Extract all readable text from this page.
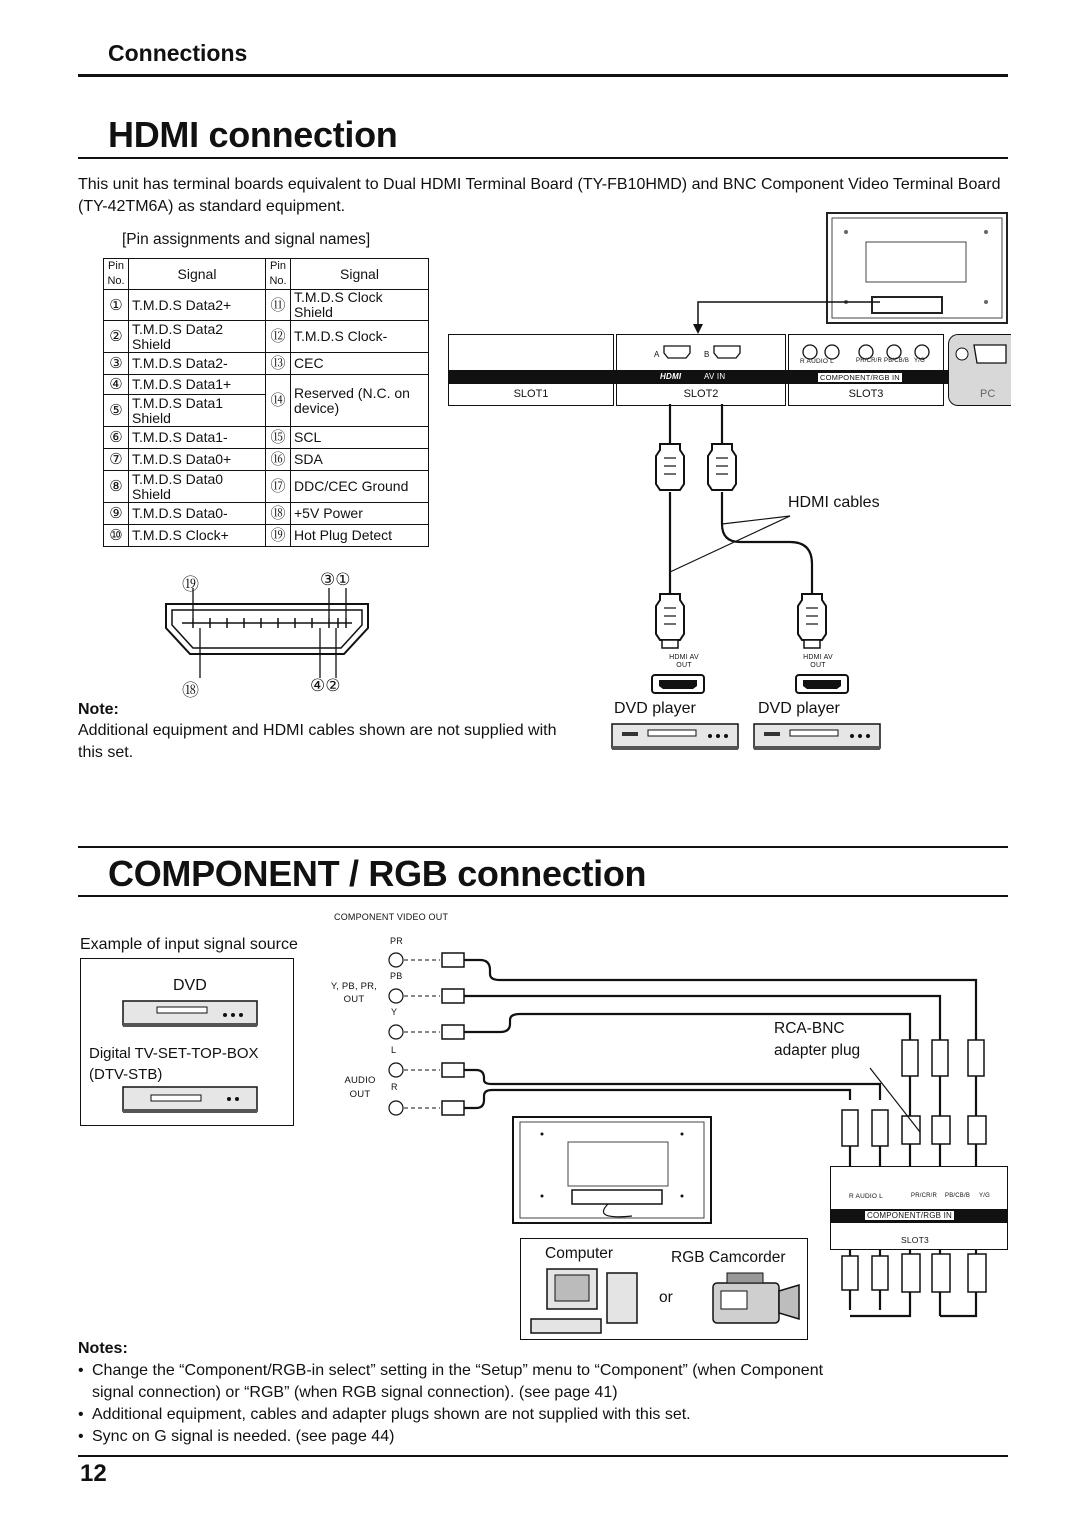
Connections
HDMI connection
This unit has terminal boards equivalent to Dual HDMI Terminal Board (TY-FB10HMD) and BNC Component Video Terminal Board (TY-42TM6A) as standard equipment.
[Pin assignments and signal names]
Pin No.	Signal	Pin No.	Signal
①	T.M.D.S Data2+	⑪	T.M.D.S Clock Shield
②	T.M.D.S Data2 Shield	⑫	T.M.D.S Clock-
③	T.M.D.S Data2-	⑬	CEC
④	T.M.D.S Data1+	⑭	Reserved (N.C. on device)
⑤	T.M.D.S Data1 Shield		
⑥	T.M.D.S Data1-	⑮	SCL
⑦	T.M.D.S Data0+	⑯	SDA
⑧	T.M.D.S Data0 Shield	⑰	DDC/CEC Ground
⑨	T.M.D.S Data0-	⑱	+5V Power
⑩	T.M.D.S Clock+	⑲	Hot Plug Detect
⑲	③①
⑱	④②
Note:
Additional equipment and HDMI cables shown are not supplied with this set.
SLOT1	SLOT2	SLOT3	PC
A	B
HDMI	AV IN
R AUDIO L	PR/CR/R PB/CB/B Y/G
COMPONENT/RGB IN
HDMI cables
HDMI AV OUT
HDMI AV OUT
DVD player	DVD player
COMPONENT / RGB connection
COMPONENT VIDEO OUT
Example of input signal source
DVD
Digital TV-SET-TOP-BOX (DTV-STB)
Y, PB, PR, OUT
AUDIO OUT
PR
PB
Y
L
R
RCA-BNC adapter plug
R AUDIO L	PR/CR/R PB/CB/B Y/G
COMPONENT/RGB IN
SLOT3
Computer	RGB Camcorder
or
Notes:
• Change the “Component/RGB-in select” setting in the “Setup” menu to “Component” (when Component signal connection) or “RGB” (when RGB signal connection). (see page 41)
• Additional equipment, cables and adapter plugs shown are not supplied with this set.
• Sync on G signal is needed. (see page 44)
12
